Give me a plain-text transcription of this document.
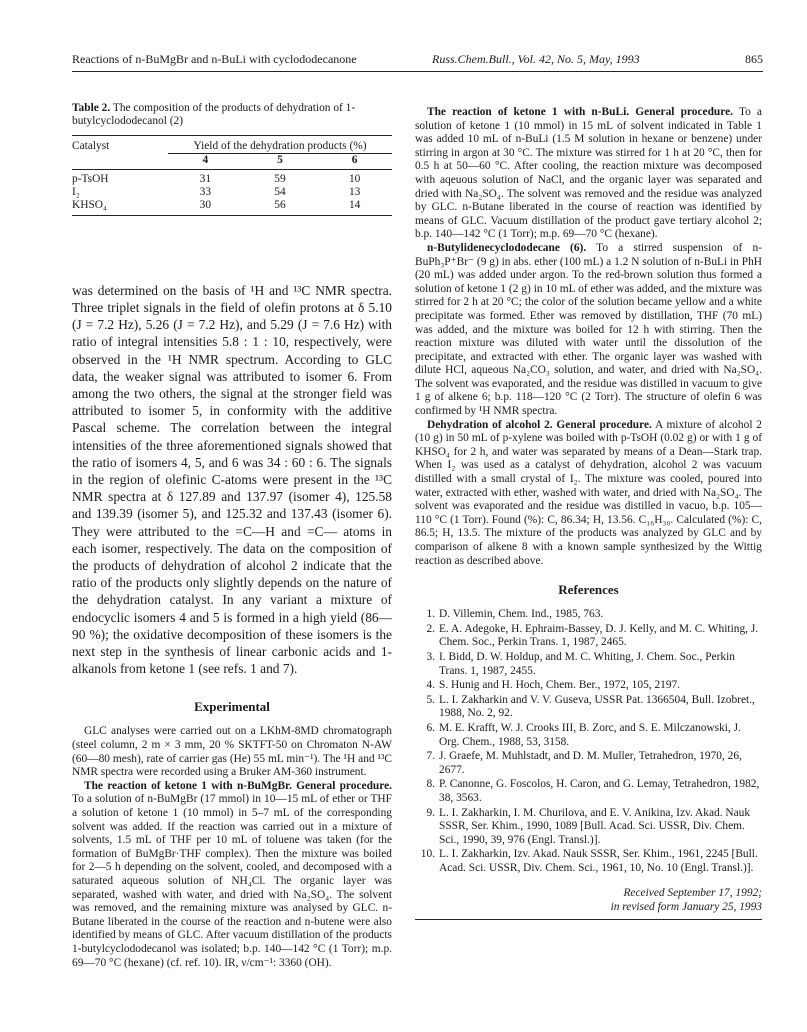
Reactions of n-BuMgBr and n-BuLi with cyclododecanone	Russ.Chem.Bull., Vol. 42, No. 5, May, 1993	865
Table 2. The composition of the products of dehydration of 1-butylcyclododecanol (2)
Catalyst	Yield of the dehydration products (%)		
	4	5	6
p-TsOH	31	59	10
I₂	33	54	13
KHSO₄	30	56	14

was determined on the basis of ¹H and ¹³C NMR spectra. Three triplet signals in the field of olefin protons at δ 5.10 (J = 7.2 Hz), 5.26 (J = 7.2 Hz), and 5.29 (J = 7.6 Hz) with ratio of integral intensities 5.8 : 1 : 10, respectively, were observed in the ¹H NMR spectrum. According to GLC data, the weaker signal was attributed to isomer 6. From among the two others, the signal at the stronger field was attributed to isomer 5, in conformity with the additive Pascal scheme. The correlation between the integral intensities of the three aforementioned signals showed that the ratio of isomers 4, 5, and 6 was 34 : 60 : 6. The signals in the region of olefinic C-atoms were present in the ¹³C NMR spectra at δ 127.89 and 137.97 (isomer 4), 125.58 and 139.39 (isomer 5), and 125.32 and 137.43 (isomer 6). They were attributed to the =C—H and =C— atoms in each isomer, respectively. The data on the composition of the products of dehydration of alcohol 2 indicate that the ratio of the products only slightly depends on the nature of the dehydration catalyst. In any variant a mixture of endocyclic isomers 4 and 5 is formed in a high yield (86—90 %); the oxidative decomposition of these isomers is the next step in the synthesis of linear carbonic acids and 1-alkanols from ketone 1 (see refs. 1 and 7).

Experimental

GLC analyses were carried out on a LKhM-8MD chromatograph (steel column, 2 m × 3 mm, 20 % SKTFT-50 on Chromaton N-AW (60—80 mesh), rate of carrier gas (He) 55 mL min⁻¹). The ¹H and ¹³C NMR spectra were recorded using a Bruker AM-360 instrument.

The reaction of ketone 1 with n-BuMgBr. General procedure. To a solution of n-BuMgBr (17 mmol) in 10—15 mL of ether or THF a solution of ketone 1 (10 mmol) in 5–7 mL of the corresponding solvent was added. If the reaction was carried out in a mixture of solvents, 1.5 mL of THF per 10 mL of toluene was taken (for the formation of BuMgBr·THF complex). Then the mixture was boiled for 2—5 h depending on the solvent, cooled, and decomposed with a saturated aqueous solution of NH₄Cl. The organic layer was separated, washed with water, and dried with Na₂SO₄. The solvent was removed, and the remaining mixture was analysed by GLC. n-Butane liberated in the course of the reaction and n-butene were also identified by means of GLC. After vacuum distillation of the products 1-butylcyclododecanol was isolated; b.p. 140—142 °C (1 Torr); m.p. 69—70 °C (hexane) (cf. ref. 10). IR, ν/cm⁻¹: 3360 (OH).

The reaction of ketone 1 with n-BuLi. General procedure. To a solution of ketone 1 (10 mmol) in 15 mL of solvent indicated in Table 1 was added 10 mL of n-BuLi (1.5 M solution in hexane or benzene) under stirring in argon at 30 °C. The mixture was stirred for 1 h at 20 °C, then for 0.5 h at 50—60 °C. After cooling, the reaction mixture was decomposed with aqeuous solution of NaCl, and the organic layer was separated and dried with Na₂SO₄. The solvent was removed and the residue was analyzed by GLC. n-Butane liberated in the course of reaction was identified by means of GLC. Vacuum distillation of the product gave tertiary alcohol 2; b.p. 140—142 °C (1 Torr); m.p. 69—70 °C (hexane).

n-Butylidenecyclododecane (6). To a stirred suspension of n-BuPh₃P⁺Br⁻ (9 g) in abs. ether (100 mL) a 1.2 N solution of n-BuLi in PhH (20 mL) was added under argon. To the red-brown solution thus formed a solution of ketone 1 (2 g) in 10 mL of ether was added, and the mixture was stirred for 2 h at 20 °C; the color of the solution became yellow and a white precipitate was formed. Ether was removed by distillation, THF (70 mL) was added, and the mixture was boiled for 12 h with stirring. Then the reaction mixture was diluted with water until the dissolution of the precipitate, and extracted with ether. The organic layer was washed with dilute HCl, aqueous Na₂CO₃ solution, and water, and dried with Na₂SO₄. The solvent was evaporated, and the residue was distilled in vacuum to give 1 g of alkene 6; b.p. 118—120 °C (2 Torr). The structure of olefin 6 was confirmed by ¹H NMR spectra.

Dehydration of alcohol 2. General procedure. A mixture of alcohol 2 (10 g) in 50 mL of p-xylene was boiled with p-TsOH (0.02 g) or with 1 g of KHSO₄ for 2 h, and water was separated by means of a Dean—Stark trap. When I₂ was used as a catalyst of dehydration, alcohol 2 was vacuum distilled with a small crystal of I₂. The mixture was cooled, poured into water, extracted with ether, washed with water, and dried with Na₂SO₄. The solvent was evaporated and the residue was distilled in vacuo, b.p. 105—110 °C (1 Torr). Found (%): C, 86.34; H, 13.56. C₁₆H₃₀. Calculated (%): C, 86.5; H, 13.5. The mixture of the products was analyzed by GLC and by comparison of alkene 8 with a known sample synthesized by the Wittig reaction as described above.

References
1. D. Villemin, Chem. Ind., 1985, 763.
2. E. A. Adegoke, H. Ephraim-Bassey, D. J. Kelly, and M. C. Whiting, J. Chem. Soc., Perkin Trans. 1, 1987, 2465.
3. I. Bidd, D. W. Holdup, and M. C. Whiting, J. Chem. Soc., Perkin Trans. 1, 1987, 2455.
4. S. Hunig and H. Hoch, Chem. Ber., 1972, 105, 2197.
5. L. I. Zakharkin and V. V. Guseva, USSR Pat. 1366504, Bull. Izobret., 1988, No. 2, 92.
6. M. E. Krafft, W. J. Crooks III, B. Zorc, and S. E. Milczanowski, J. Org. Chem., 1988, 53, 3158.
7. J. Graefe, M. Muhlstadt, and D. M. Muller, Tetrahedron, 1970, 26, 2677.
8. P. Canonne, G. Foscolos, H. Caron, and G. Lemay, Tetrahedron, 1982, 38, 3563.
9. L. I. Zakharkin, I. M. Churilova, and E. V. Anikina, Izv. Akad. Nauk SSSR, Ser. Khim., 1990, 1089 [Bull. Acad. Sci. USSR, Div. Chem. Sci., 1990, 39, 976 (Engl. Transl.)].
10. L. I. Zakharkin, Izv. Akad. Nauk SSSR, Ser. Khim., 1961, 2245 [Bull. Acad. Sci. USSR, Div. Chem. Sci., 1961, 10, No. 10 (Engl. Transl.)].
Received September 17, 1992;
in revised form January 25, 1993
